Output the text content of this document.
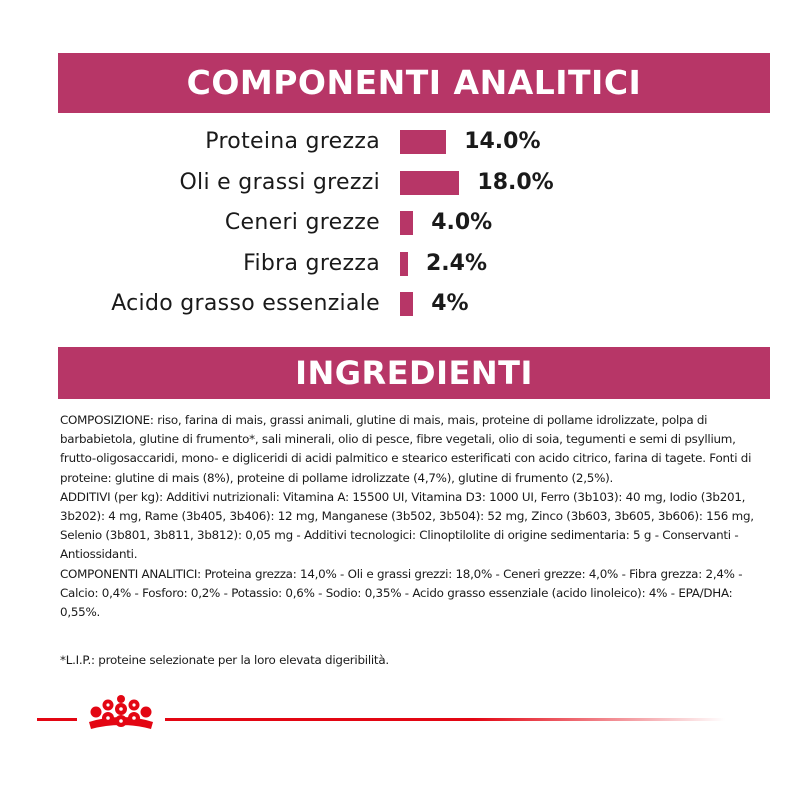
COMPONENTI ANALITICI
Proteina grezza	14.0%
Oli e grassi grezzi	18.0%
Ceneri grezze 4.0%
Fibra grezza 2.4%
Acido grasso essenziale 4%
INGREDIENTI

COMPOSIZIONE: riso, farina di mais, grassi animali, glutine di mais, mais, proteine di pollame idrolizzate, polpa di barbabietola, glutine di frumento*, sali minerali, olio di pesce, fibre vegetali, olio di soia, tegumenti e semi di psyllium, frutto-oligosaccaridi, mono- e digliceridi di acidi palmitico e stearico esterificati con acido citrico, farina di tagete. Fonti di proteine: glutine di mais (8%), proteine di pollame idrolizzate (4,7%), glutine di frumento (2,5%).

ADDITIVI (per kg): Additivi nutrizionali: Vitamina A: 15500 UI, Vitamina D3: 1000 UI, Ferro (3b103): 40 mg, Iodio (3b201, 3b202): 4 mg, Rame (3b405, 3b406): 12 mg, Manganese (3b502, 3b504): 52 mg, Zinco (3b603, 3b605, 3b606): 156 mg, Selenio (3b801, 3b811, 3b812): 0,05 mg - Additivi tecnologici: Clinoptilolite di origine sedimentaria: 5 g - Conservanti - Antiossidanti.

COMPONENTI ANALITICI: Proteina grezza: 14,0% - Oli e grassi grezzi: 18,0% - Ceneri grezze: 4,0% - Fibra grezza: 2,4% - Calcio: 0,4% - Fosforo: 0,2% - Potassio: 0,6% - Sodio: 0,35% - Acido grasso essenziale (acido linoleico): 4% - EPA/DHA: 0,55%.

*L.I.P.: proteine selezionate per la loro elevata digeribilità.
